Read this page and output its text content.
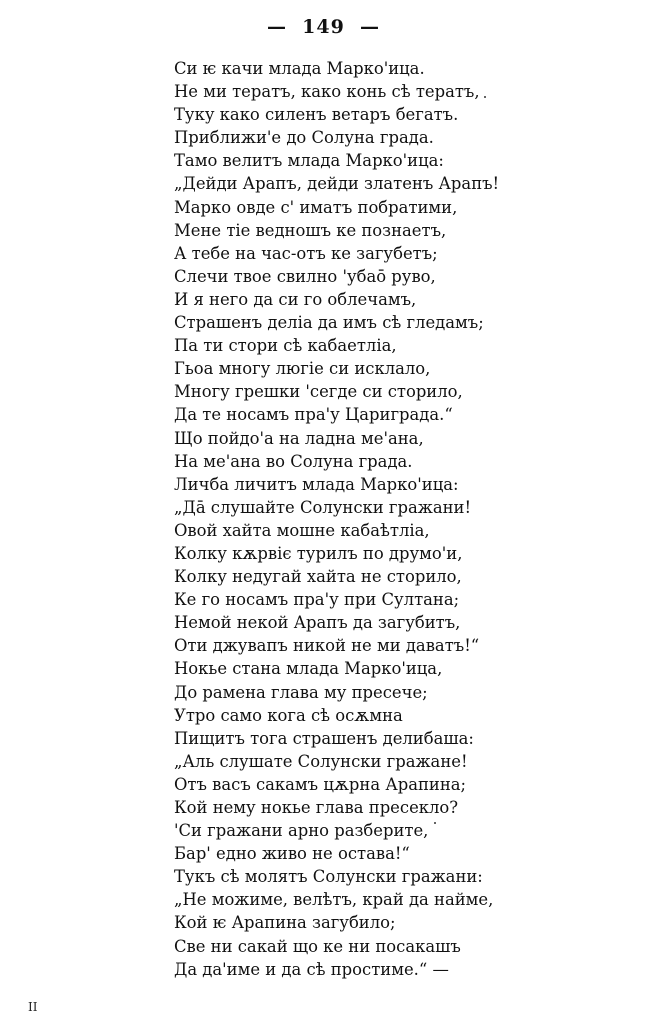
—  149  —
Си ѥ качи млада Марко'ица.
Не ми тератъ, како конь сѣ тератъ,
Туку како силенъ ветаръ бегатъ.
Приближи'е до Солуна града.
Тамо велитъ млада Марко'ица:
„Дейди Арапъ, дейди златенъ Арапъ!
Марко овде с' иматъ побратими,
Мене тіе ведношъ ке познаетъ,
А тебе на час-отъ ке загубетъ;
Слечи твое свилно 'убаō руво,
И я него да си го облечамъ,
Страшенъ деліа да имъ сѣ гледамъ;
Па ти стори сѣ кабаетліа,
Гьоа многу люгіе си исклало,
Многу грешки 'сегде си сторило,
Да те носамъ пра'у Цариграда.“
Що пойдо'а на ладна ме'ана,
На ме'ана во Солуна града.
Личба личитъ млада Марко'ица:
„Дā слушайте Солунски гражани!
Овой хайта мошне кабаѣтліа,
Колку кѫрвіє турилъ по друмо'и,
Колку недугай хайта не сторило,
Ке го носамъ пра'у при Султана;
Немой некой Арапъ да загубитъ,
Оти джувапъ никой не ми даватъ!“
Нокье стана млада Марко'ица,
До рамена глава му пресече;
Утро само кога сѣ осѫмна
Пищитъ тога страшенъ делибаша:
„Аль слушате Солунски гражане!
Отъ васъ сакамъ цѫрна Арапина;
Кой нему нокье глава пресекло?
'Си гражани арно разберите,
Бар' едно живо не остава!“
Тукъ сѣ молятъ Солунски гражани:
„Не можиме, велѣтъ, край да найме,
Кой ѥ Арапина загубило;
Све ни сакай що ке ни посакашъ
Да да'име и да сѣ простиме.“ —
II
